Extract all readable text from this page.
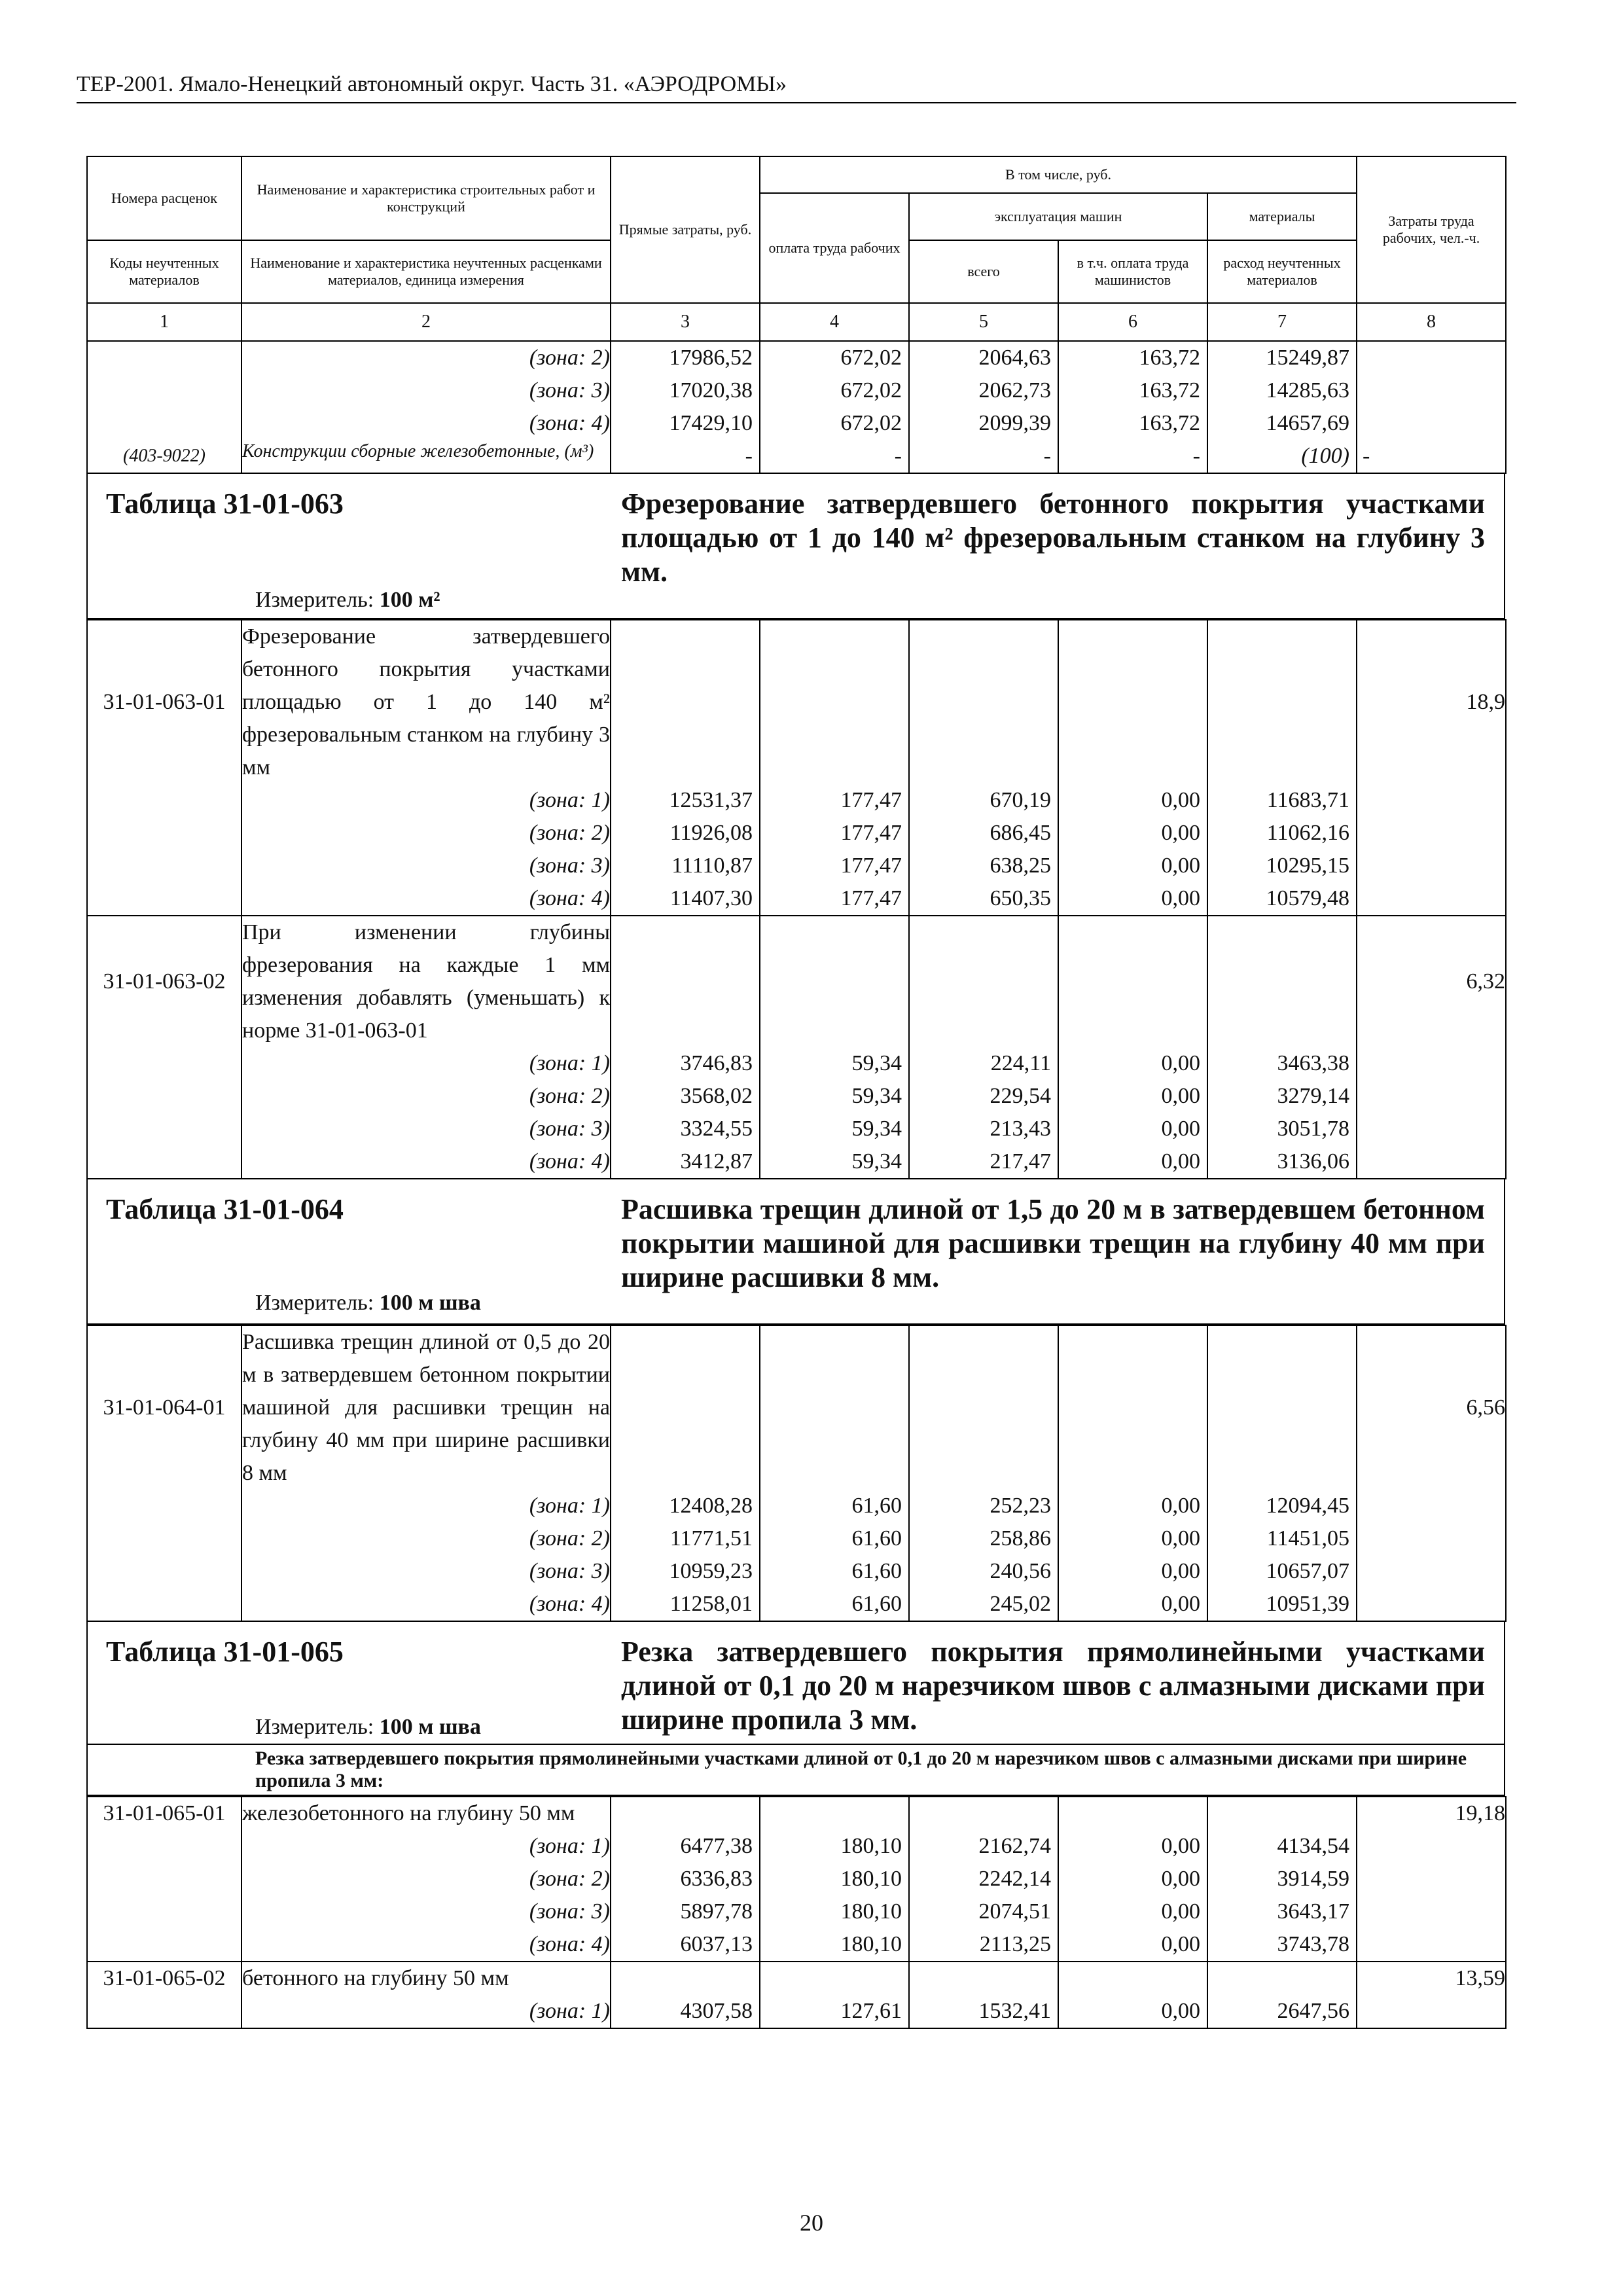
ТЕР-2001. Ямало-Ненецкий автономный округ. Часть 31. «АЭРОДРОМЫ»
Номера расценок	Наименование и характеристика строительных работ и конструкций	Прямые затраты, руб.	В том числе, руб.				Затраты труда рабочих, чел.-ч.
			оплата труда рабочих	эксплуатация машин		материалы	
Коды неучтенных материалов	Наименование и характеристика неучтенных расценками материалов, единица измерения			всего	в т.ч. оплата труда машинистов	расход неучтенных материалов	
1	2	3	4	5	6	7	8
	(зона: 2)	17986,52	672,02	2064,63	163,72	15249,87	
	(зона: 3)	17020,38	672,02	2062,73	163,72	14285,63	
	(зона: 4)	17429,10	672,02	2099,39	163,72	14657,69	
(403-9022)	Конструкции сборные железобетонные, (м³)	-	-	-	-	(100)	-
Таблица 31-01-063	Фрезерование затвердевшего бетонного покрытия участками площадью от 1 до 140 м² фрезеровальным станком на глубину 3 мм.
Измеритель: 100 м²
31-01-063-01	Фрезерование затвердевшего бетонного покрытия участками площадью от 1 до 140 м² фрезеровальным станком на глубину 3 мм						18,9
	(зона: 1)	12531,37	177,47	670,19	0,00	11683,71	
	(зона: 2)	11926,08	177,47	686,45	0,00	11062,16	
	(зона: 3)	11110,87	177,47	638,25	0,00	10295,15	
	(зона: 4)	11407,30	177,47	650,35	0,00	10579,48	
31-01-063-02	При изменении глубины фрезерования на каждые 1 мм изменения добавлять (уменьшать) к норме 31-01-063-01						6,32
	(зона: 1)	3746,83	59,34	224,11	0,00	3463,38	
	(зона: 2)	3568,02	59,34	229,54	0,00	3279,14	
	(зона: 3)	3324,55	59,34	213,43	0,00	3051,78	
	(зона: 4)	3412,87	59,34	217,47	0,00	3136,06	
Таблица 31-01-064	Расшивка трещин длиной от 1,5 до 20 м в затвердевшем бетонном покрытии машиной для расшивки трещин на глубину 40 мм при ширине расшивки 8 мм.
Измеритель: 100 м шва
31-01-064-01	Расшивка трещин длиной от 0,5 до 20 м в затвердевшем бетонном покрытии машиной для расшивки трещин на глубину 40 мм при ширине расшивки 8 мм						6,56
	(зона: 1)	12408,28	61,60	252,23	0,00	12094,45	
	(зона: 2)	11771,51	61,60	258,86	0,00	11451,05	
	(зона: 3)	10959,23	61,60	240,56	0,00	10657,07	
	(зона: 4)	11258,01	61,60	245,02	0,00	10951,39	
Таблица 31-01-065	Резка затвердевшего покрытия прямолинейными участками длиной от 0,1 до 20 м нарезчиком швов с алмазными дисками при ширине пропила 3 мм.
Измеритель: 100 м шва
Резка затвердевшего покрытия прямолинейными участками длиной от 0,1 до 20 м нарезчиком швов с алмазными дисками при ширине пропила 3 мм:
31-01-065-01	железобетонного на глубину 50 мм						19,18
	(зона: 1)	6477,38	180,10	2162,74	0,00	4134,54	
	(зона: 2)	6336,83	180,10	2242,14	0,00	3914,59	
	(зона: 3)	5897,78	180,10	2074,51	0,00	3643,17	
	(зона: 4)	6037,13	180,10	2113,25	0,00	3743,78	
31-01-065-02	бетонного на глубину 50 мм						13,59
	(зона: 1)	4307,58	127,61	1532,41	0,00	2647,56	
20
